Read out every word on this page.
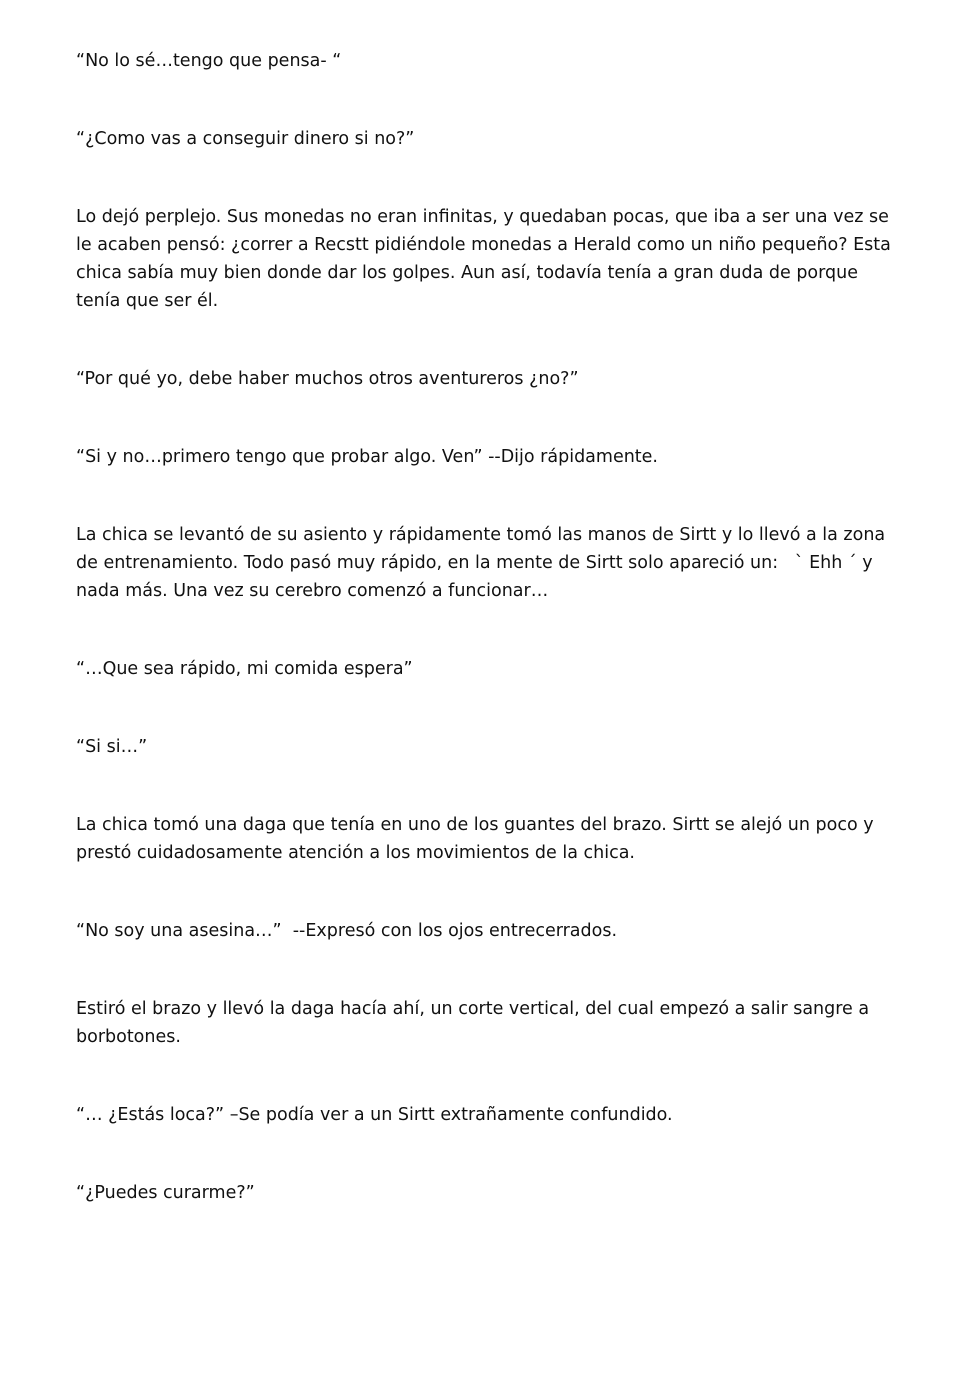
“No lo sé…tengo que pensa- “

“¿Como vas a conseguir dinero si no?”

Lo dejó perplejo. Sus monedas no eran infinitas, y quedaban pocas, que iba a ser una vez se le acaben pensó: ¿correr a Recstt pidiéndole monedas a Herald como un niño pequeño? Esta chica sabía muy bien donde dar los golpes. Aun así, todavía tenía a gran duda de porque tenía que ser él.

“Por qué yo, debe haber muchos otros aventureros ¿no?”

“Si y no…primero tengo que probar algo. Ven” --Dijo rápidamente.

La chica se levantó de su asiento y rápidamente tomó las manos de Sirtt y lo llevó a la zona de entrenamiento. Todo pasó muy rápido, en la mente de Sirtt solo apareció un:   ` Ehh ´ y nada más. Una vez su cerebro comenzó a funcionar…

“…Que sea rápido, mi comida espera”

“Si si…”

La chica tomó una daga que tenía en uno de los guantes del brazo. Sirtt se alejó un poco y prestó cuidadosamente atención a los movimientos de la chica.

“No soy una asesina…”  --Expresó con los ojos entrecerrados.

Estiró el brazo y llevó la daga hacía ahí, un corte vertical, del cual empezó a salir sangre a borbotones.

“… ¿Estás loca?” –Se podía ver a un Sirtt extrañamente confundido.

“¿Puedes curarme?”
